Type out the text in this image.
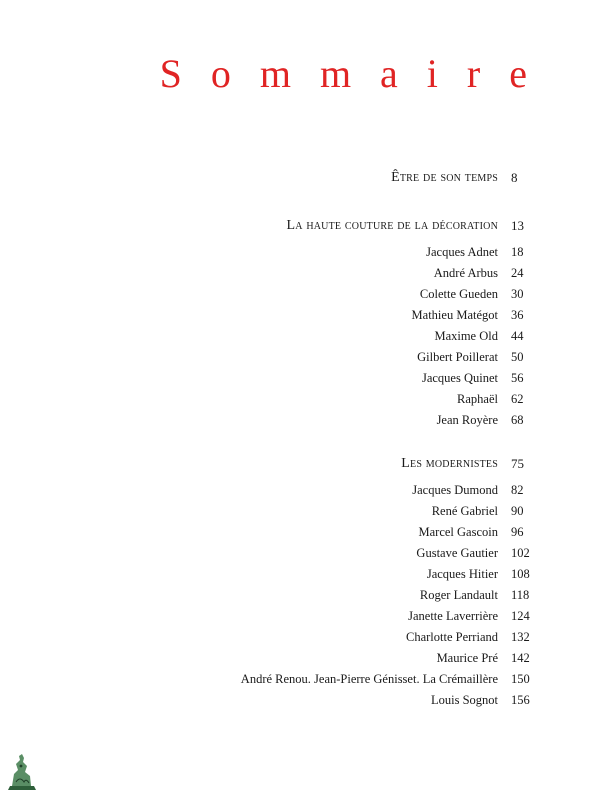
Sommaire
Être de son temps 8
La haute couture de la décoration 13
Jacques Adnet 18
André Arbus 24
Colette Gueden 30
Mathieu Matégot 36
Maxime Old 44
Gilbert Poillerat 50
Jacques Quinet 56
Raphaël 62
Jean Royère 68
Les modernistes 75
Jacques Dumond 82
René Gabriel 90
Marcel Gascoin 96
Gustave Gautier 102
Jacques Hitier 108
Roger Landault 118
Janette Laverrière 124
Charlotte Perriand 132
Maurice Pré 142
André Renou. Jean-Pierre Génisset. La Crémaillère 150
Louis Sognot 156
